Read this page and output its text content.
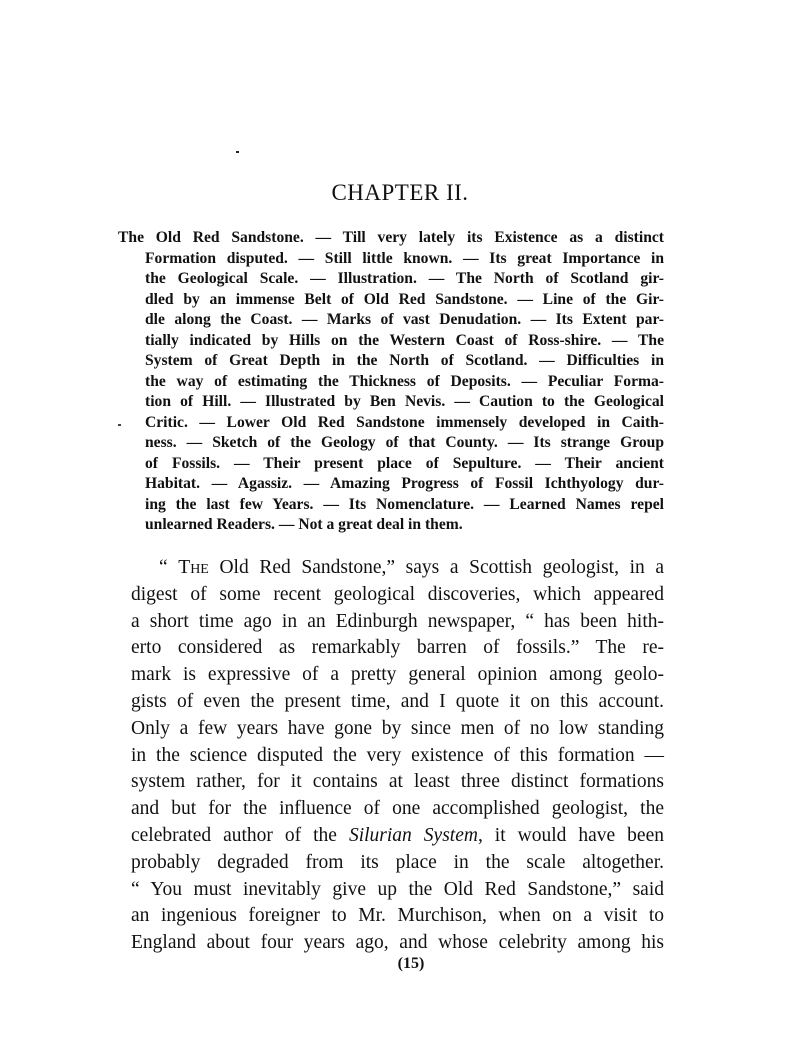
CHAPTER II.
The Old Red Sandstone. — Till very lately its Existence as a distinct
Formation disputed. — Still little known. — Its great Importance in
the Geological Scale. — Illustration. — The North of Scotland gir-
dled by an immense Belt of Old Red Sandstone. — Line of the Gir-
dle along the Coast. — Marks of vast Denudation. — Its Extent par-
tially indicated by Hills on the Western Coast of Ross-shire. — The
System of Great Depth in the North of Scotland. — Difficulties in
the way of estimating the Thickness of Deposits. — Peculiar Forma-
tion of Hill. — Illustrated by Ben Nevis. — Caution to the Geological
Critic. — Lower Old Red Sandstone immensely developed in Caith-
ness. — Sketch of the Geology of that County. — Its strange Group
of Fossils. — Their present place of Sepulture. — Their ancient
Habitat. — Agassiz. — Amazing Progress of Fossil Ichthyology dur-
ing the last few Years. — Its Nomenclature. — Learned Names repel
unlearned Readers. — Not a great deal in them.
“ The Old Red Sandstone,” says a Scottish geologist, in a
digest of some recent geological discoveries, which appeared
a short time ago in an Edinburgh newspaper, “ has been hith-
erto considered as remarkably barren of fossils.” The re-
mark is expressive of a pretty general opinion among geolo-
gists of even the present time, and I quote it on this account.
Only a few years have gone by since men of no low standing
in the science disputed the very existence of this formation —
system rather, for it contains at least three distinct formations
and but for the influence of one accomplished geologist, the
celebrated author of the Silurian System, it would have been
probably degraded from its place in the scale altogether.
“ You must inevitably give up the Old Red Sandstone,” said
an ingenious foreigner to Mr. Murchison, when on a visit to
England about four years ago, and whose celebrity among his
(15)
